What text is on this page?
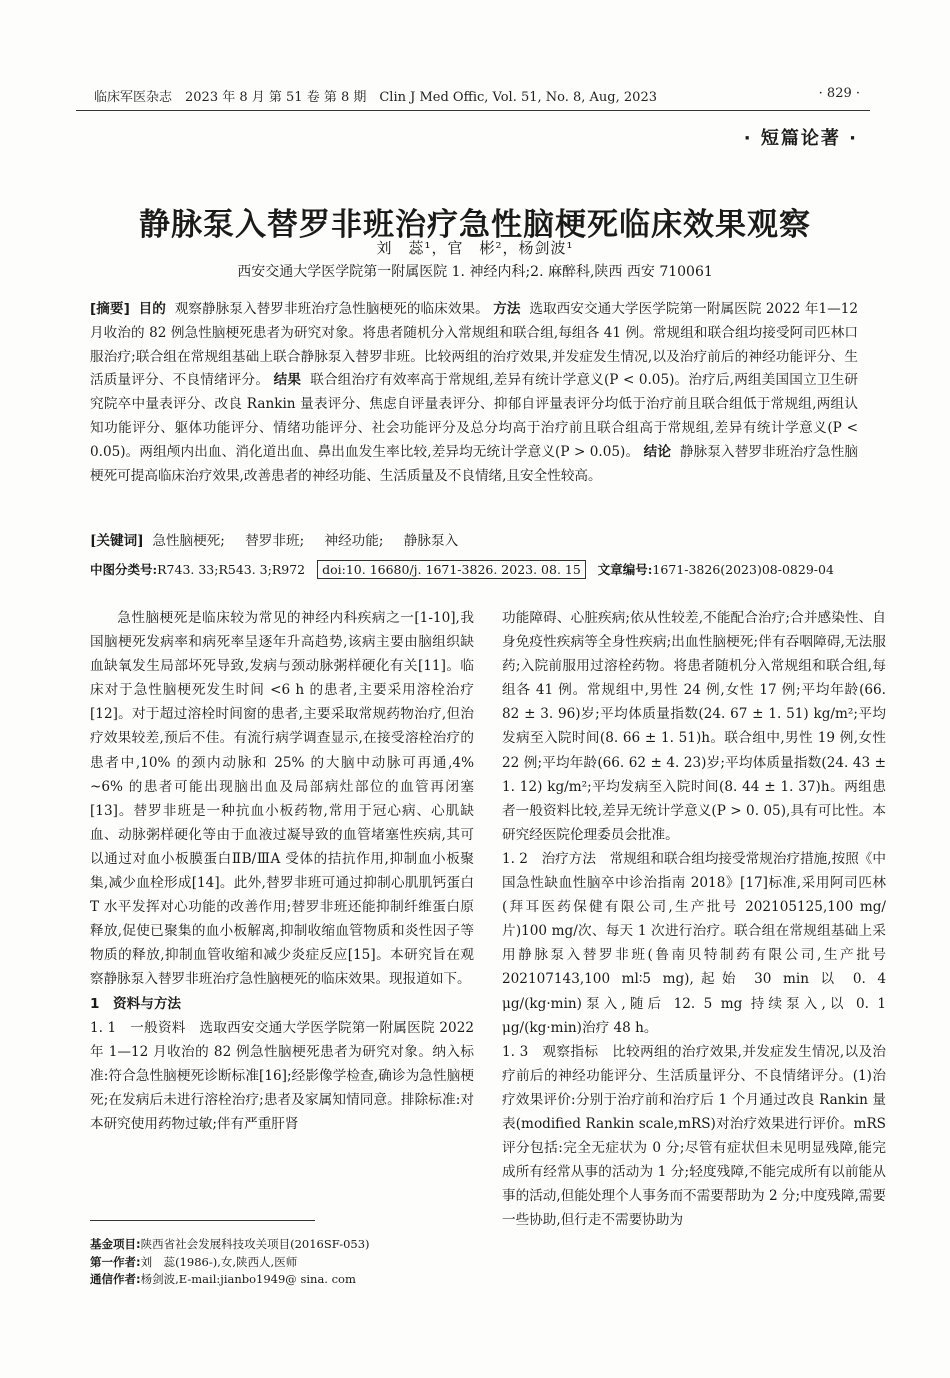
临床军医杂志　2023 年 8 月 第 51 卷 第 8 期　Clin J Med Offic, Vol. 51, No. 8, Aug, 2023	· 829 ·
· 短篇论著 ·
静脉泵入替罗非班治疗急性脑梗死临床效果观察
刘　蕊¹，官　彬²，杨剑波¹
西安交通大学医学院第一附属医院 1. 神经内科;2. 麻醉科,陕西 西安 710061
[摘要] 目的 观察静脉泵入替罗非班治疗急性脑梗死的临床效果。 方法 选取西安交通大学医学院第一附属医院 2022 年1—12 月收治的 82 例急性脑梗死患者为研究对象。将患者随机分入常规组和联合组,每组各 41 例。常规组和联合组均接受阿司匹林口服治疗;联合组在常规组基础上联合静脉泵入替罗非班。比较两组的治疗效果,并发症发生情况,以及治疗前后的神经功能评分、生活质量评分、不良情绪评分。 结果 联合组治疗有效率高于常规组,差异有统计学意义(P < 0.05)。治疗后,两组美国国立卫生研究院卒中量表评分、改良 Rankin 量表评分、焦虑自评量表评分、抑郁自评量表评分均低于治疗前且联合组低于常规组,两组认知功能评分、躯体功能评分、情绪功能评分、社会功能评分及总分均高于治疗前且联合组高于常规组,差异有统计学意义(P < 0.05)。两组颅内出血、消化道出血、鼻出血发生率比较,差异均无统计学意义(P > 0.05)。 结论 静脉泵入替罗非班治疗急性脑梗死可提高临床治疗效果,改善患者的神经功能、生活质量及不良情绪,且安全性较高。
[关键词] 急性脑梗死; 替罗非班; 神经功能; 静脉泵入
中图分类号:R743. 33;R543. 3;R972 doi:10. 16680/j. 1671-3826. 2023. 08. 15 文章编号:1671-3826(2023)08-0829-04

急性脑梗死是临床较为常见的神经内科疾病之一[1-10],我国脑梗死发病率和病死率呈逐年升高趋势,该病主要由脑组织缺血缺氧发生局部坏死导致,发病与颈动脉粥样硬化有关[11]。临床对于急性脑梗死发生时间 <6 h 的患者,主要采用溶栓治疗[12]。对于超过溶栓时间窗的患者,主要采取常规药物治疗,但治疗效果较差,预后不佳。有流行病学调查显示,在接受溶栓治疗的患者中,10% 的颈内动脉和 25% 的大脑中动脉可再通,4% ~6% 的患者可能出现脑出血及局部病灶部位的血管再闭塞[13]。替罗非班是一种抗血小板药物,常用于冠心病、心肌缺血、动脉粥样硬化等由于血液过凝导致的血管堵塞性疾病,其可以通过对血小板膜蛋白ⅡB/ⅢA 受体的拮抗作用,抑制血小板聚集,减少血栓形成[14]。此外,替罗非班可通过抑制心肌肌钙蛋白 T 水平发挥对心功能的改善作用;替罗非班还能抑制纤维蛋白原释放,促使已聚集的血小板解离,抑制收缩血管物质和炎性因子等物质的释放,抑制血管收缩和减少炎症反应[15]。本研究旨在观察静脉泵入替罗非班治疗急性脑梗死的临床效果。现报道如下。

1　资料与方法

1. 1　一般资料　选取西安交通大学医学院第一附属医院 2022 年 1—12 月收治的 82 例急性脑梗死患者为研究对象。纳入标准:符合急性脑梗死诊断标准[16];经影像学检查,确诊为急性脑梗死;在发病后未进行溶栓治疗;患者及家属知情同意。排除标准:对本研究使用药物过敏;伴有严重肝肾

功能障碍、心脏疾病;依从性较差,不能配合治疗;合并感染性、自身免疫性疾病等全身性疾病;出血性脑梗死;伴有吞咽障碍,无法服药;入院前服用过溶栓药物。将患者随机分入常规组和联合组,每组各 41 例。常规组中,男性 24 例,女性 17 例;平均年龄(66. 82 ± 3. 96)岁;平均体质量指数(24. 67 ± 1. 51) kg/m²;平均发病至入院时间(8. 66 ± 1. 51)h。联合组中,男性 19 例,女性 22 例;平均年龄(66. 62 ± 4. 23)岁;平均体质量指数(24. 43 ± 1. 12) kg/m²;平均发病至入院时间(8. 44 ± 1. 37)h。两组患者一般资料比较,差异无统计学意义(P > 0. 05),具有可比性。本研究经医院伦理委员会批准。

1. 2　治疗方法　常规组和联合组均接受常规治疗措施,按照《中国急性缺血性脑卒中诊治指南 2018》[17]标准,采用阿司匹林(拜耳医药保健有限公司,生产批号 202105125,100 mg/片)100 mg/次、每天 1 次进行治疗。联合组在常规组基础上采用静脉泵入替罗非班(鲁南贝特制药有限公司,生产批号 202107143,100 ml∶5 mg),起始 30 min 以 0. 4 μg/(kg·min)泵入,随后 12. 5 mg 持续泵入,以 0. 1 μg/(kg·min)治疗 48 h。

1. 3　观察指标　比较两组的治疗效果,并发症发生情况,以及治疗前后的神经功能评分、生活质量评分、不良情绪评分。(1)治疗效果评价:分别于治疗前和治疗后 1 个月通过改良 Rankin 量表(modified Rankin scale,mRS)对治疗效果进行评价。mRS 评分包括:完全无症状为 0 分;尽管有症状但未见明显残障,能完成所有经常从事的活动为 1 分;轻度残障,不能完成所有以前能从事的活动,但能处理个人事务而不需要帮助为 2 分;中度残障,需要一些协助,但行走不需要协助为

基金项目:陕西省社会发展科技攻关项目(2016SF-053)
第一作者:刘　蕊(1986-),女,陕西人,医师
通信作者:杨剑波,E-mail:jianbo1949@ sina. com
